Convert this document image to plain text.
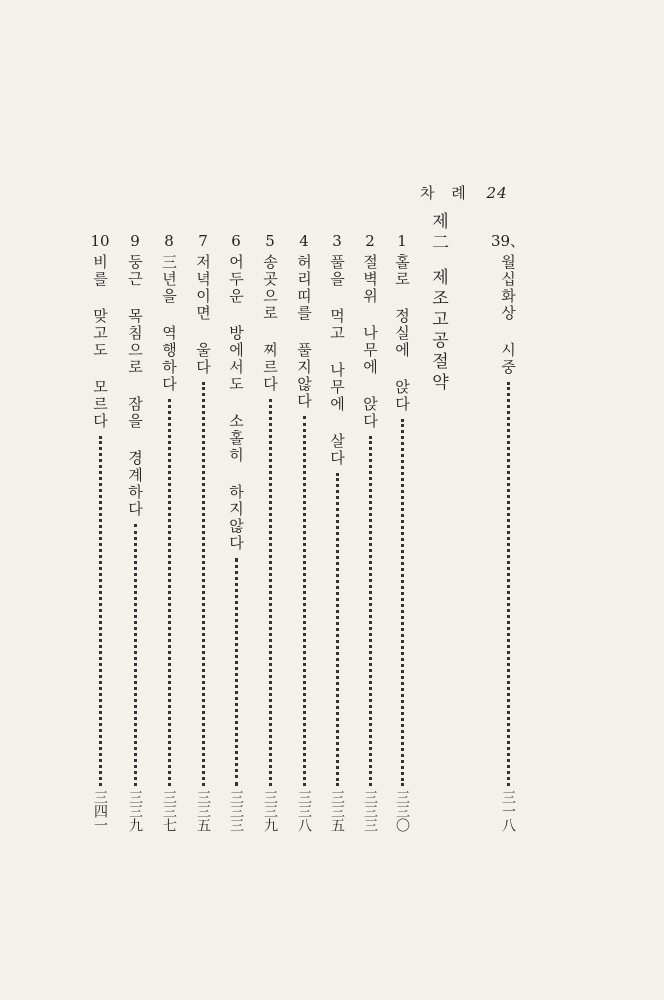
차 례 24
39、
월십화상 시중
三一八
제二
제조고공절약
1
홀로 정실에 앉다
三三〇
2
절벽위 나무에 앉다
三三三
3
풀을 먹고 나무에 살다
三三五
4
허리띠를 풀지않다
三三八
5
송곳으로 찌르다
三三九
6
어두운 방에서도 소홀히 하지않다
三三三
7
저녁이면 울다
三三五
8
三년을 역행하다
三三七
9
둥근 목침으로 잠을 경계하다
三三九
10
비를 맞고도 모르다
三四一
